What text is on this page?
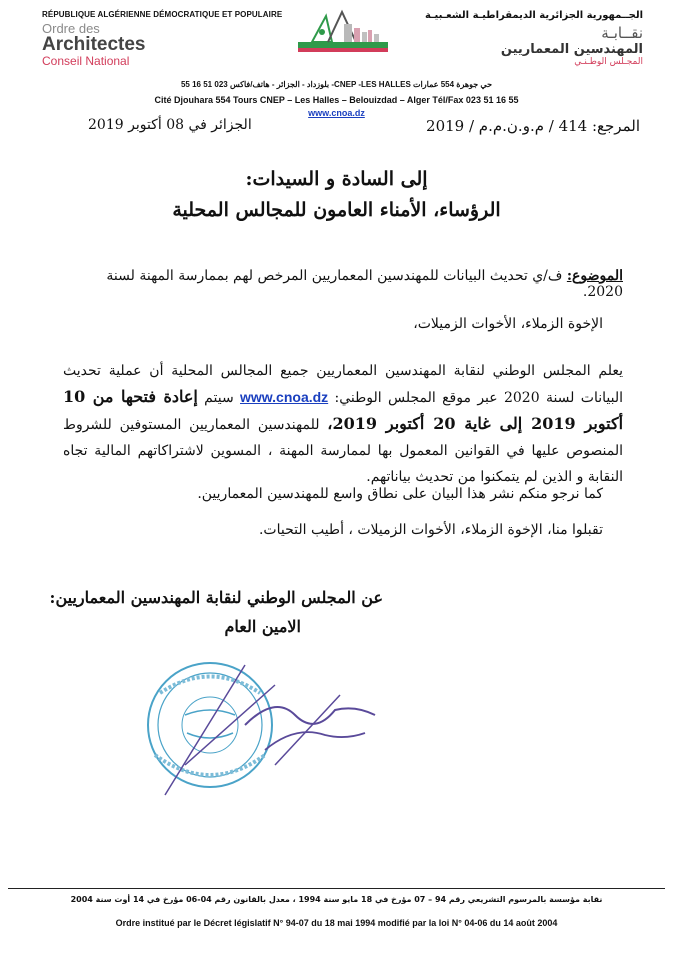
RÉPUBLIQUE ALGÉRIENNE DÉMOCRATIQUE ET POPULAIRE
Ordre des
Architectes
Conseil National
الجــمهورية الجزائرية الديمقراطيـة الشعـبيـة
نقــابـة
المهندسين المعماريين
المجـلس الوطـنـي
حي جوهرة 554 عمارات CNEP -LES HALLES- بلوزداد - الجزائر - هاتف/فاكس 023 51 16 55
Cité Djouhara 554 Tours CNEP – Les Halles – Belouizdad – Alger Tél/Fax 023 51 16 55
www.cnoa.dz
المرجع: 414 / م.و.ن.م.م / 2019
الجزائر في 08 أكتوبر 2019
إلى السادة و السيدات:
الرؤساء، الأمناء العامون للمجالس المحلية
الموضوع: ف/ي تحديث البيانات للمهندسين المعماريين المرخص لهم بممارسة المهنة لسنة 2020.
الإخوة الزملاء، الأخوات الزميلات،
يعلم المجلس الوطني لنقابة المهندسين المعماريين جميع المجالس المحلية أن عملية تحديث البيانات لسنة 2020 عبر موقع المجلس الوطني: www.cnoa.dz سيتم إعادة فتحها من 10 أكتوبر 2019 إلى غاية 20 أكتوبر 2019، للمهندسين المعماريين المستوفين للشروط المنصوص عليها في القوانين المعمول بها لممارسة المهنة ، المسوين لاشتراكاتهم المالية تجاه النقابة و الذين لم يتمكنوا من تحديث بياناتهم.
كما نرجو منكم نشر هذا البيان على نطاق واسع للمهندسين المعماريين.
تقبلوا منا، الإخوة الزملاء، الأخوات الزميلات ، أطيب التحيات.
عن المجلس الوطني لنقابة المهندسين المعماريين:
الامين العام
نقابة مؤسسة بالمرسوم التشريعي رقم 94 – 07 مؤرخ في 18 مايو سنة 1994 ، معدل بالقانون رقم 04-06 مؤرخ في 14 أوت سنة 2004
Ordre institué par le Décret législatif N° 94-07 du 18 mai 1994 modifié par la loi N° 04-06 du 14 août 2004
